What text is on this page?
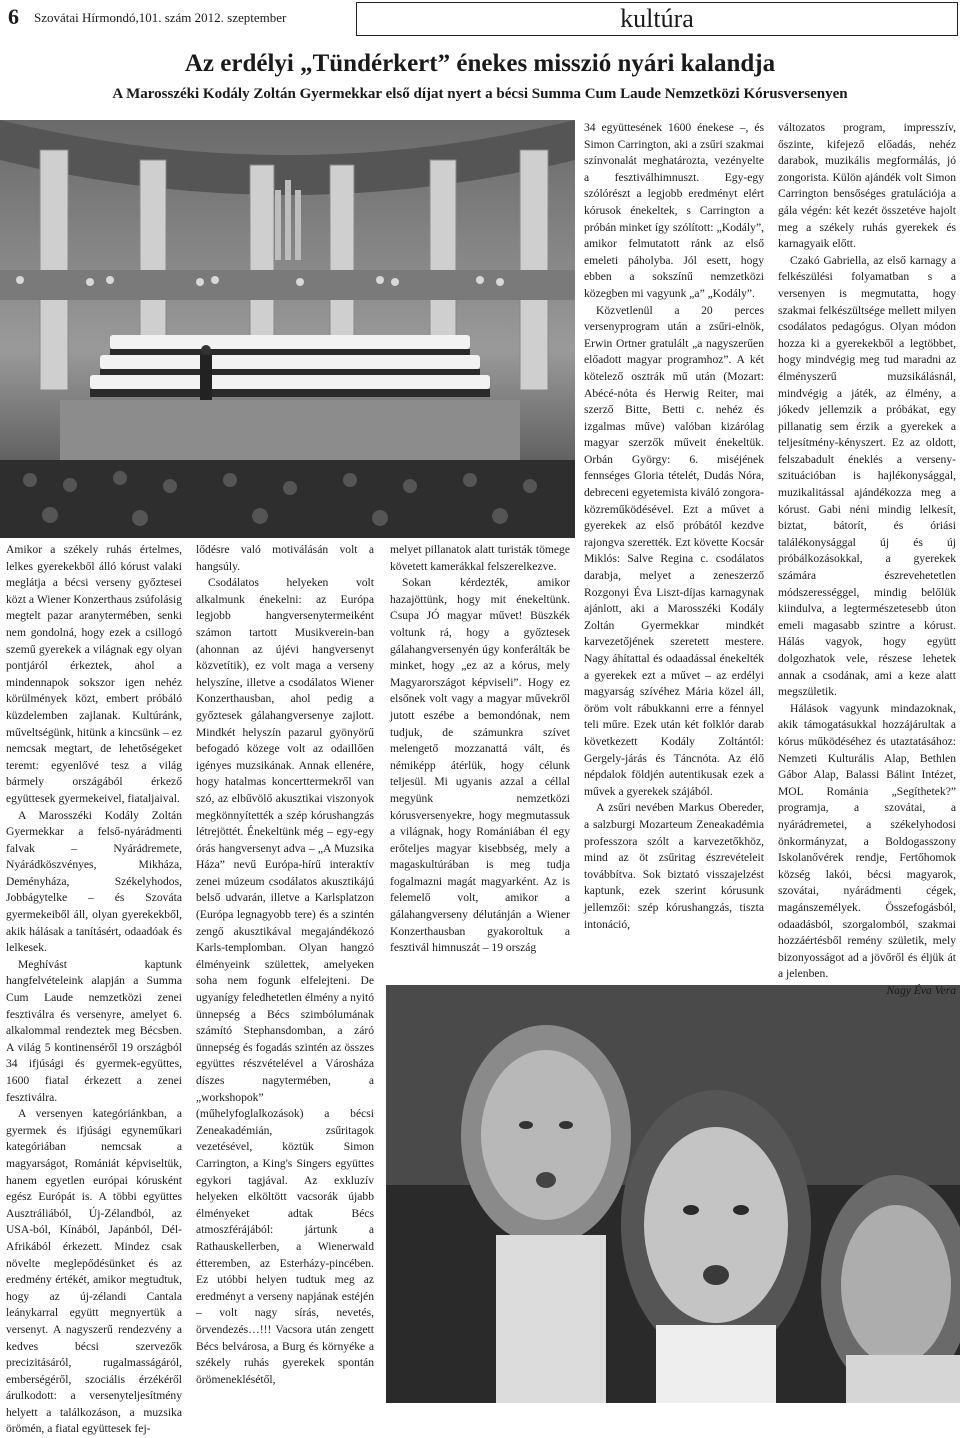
6 Szovátai Hírmondó,101. szám 2012. szeptember	kultúra
Az erdélyi „Tündérkert” énekes misszió nyári kalandja
A Marosszéki Kodály Zoltán Gyermekkar első díjat nyert a bécsi Summa Cum Laude Nemzetközi Kórusversenyen

Amikor a székely ruhás értelmes, lelkes gyerekekből álló kórust valaki meglátja a bécsi verseny győztesei közt a Wiener Konzerthaus zsúfolásig megtelt pazar aranytermében, senki nem gondolná, hogy ezek a csillogó szemű gyerekek a világnak egy olyan pontjáról érkeztek, ahol a mindennapok sokszor igen nehéz körülmények közt, embert próbáló küzdelemben zajlanak. Kultúránk, műveltségünk, hitünk a kincsünk – ez nemcsak megtart, de lehetőségeket teremt: egyenlővé tesz a világ bármely országából érkező együttesek gyermekeivel, fiataljaival.

A Marosszéki Kodály Zoltán Gyermekkar a felső-nyárádmenti falvak – Nyárádremete, Nyárádköszvényes, Mikháza, Deményháza, Székelyhodos, Jobbágytelke – és Szováta gyermekeiből áll, olyan gyerekekből, akik hálásak a tanításért, odaadóak és lelkesek.

Meghívást kaptunk hangfelvételeink alapján a Summa Cum Laude nemzetközi zenei fesztiválra és versenyre, amelyet 6. alkalommal rendeztek meg Bécsben. A világ 5 kontinenséről 19 országból 34 ifjúsági és gyermek-együttes, 1600 fiatal érkezett a zenei fesztiválra.

A versenyen kategóriánkban, a gyermek és ifjúsági egyneműkari kategóriában nemcsak a magyarságot, Romániát képviseltük, hanem egyetlen európai kórusként egész Európát is. A többi együttes Ausztráliából, Új-Zélandból, az USA-ból, Kínából, Japánból, Dél-Afrikából érkezett. Mindez csak növelte meglepődésünket és az eredmény értékét, amikor megtudtuk, hogy az új-zélandi Cantala leánykarral együtt megnyertük a versenyt. A nagyszerű rendezvény a kedves bécsi szervezők precizitásáról, rugalmasságáról, emberségéről, szociális érzékéről árulkodott: a versenyteljesítmény helyett a találkozáson, a muzsika örömén, a fiatal együttesek fej-

lődésre való motiválásán volt a hangsúly.

Csodálatos helyeken volt alkalmunk énekelni: az Európa legjobb hangversenytermeiként számon tartott Musikverein-ban (ahonnan az újévi hangversenyt közvetítik), ez volt maga a verseny helyszíne, illetve a csodálatos Wiener Konzerthausban, ahol pedig a győztesek gálahangversenye zajlott. Mindkét helyszín pazarul gyönyörű befogadó közege volt az odaillően igényes muzsikának. Annak ellenére, hogy hatalmas koncerttermekről van szó, az elbűvölő akusztikai viszonyok megkönnyítették a szép kórushangzás létrejöttét. Énekeltünk még – egy-egy órás hangversenyt adva – „A Muzsika Háza” nevű Európa-hírű interaktív zenei múzeum csodálatos akusztikájú belső udvarán, illetve a Karlsplatzon (Európa legnagyobb tere) és a szintén zengő akusztikával megajándékozó Karls-templomban. Olyan hangzó élményeink születtek, amelyeken soha nem fogunk elfelejteni. De ugyanígy feledhetetlen élmény a nyitó ünnepség a Bécs szimbólumának számító Stephansdomban, a záró ünnepség és fogadás szintén az összes együttes részvételével a Városháza díszes nagytermében, a „workshopok” (műhelyfoglalkozások) a bécsi Zeneakadémián, zsűritagok vezetésével, köztük Simon Carrington, a King's Singers együttes egykori tagjával. Az exkluzív helyeken elköltött vacsorák újabb élményeket adtak Bécs atmoszférájából: jártunk a Rathauskellerben, a Wienerwald étteremben, az Esterházy-pincében. Ez utóbbi helyen tudtuk meg az eredményt a verseny napjának estéjén – volt nagy sírás, nevetés, örvendezés…!!! Vacsora után zengett Bécs belvárosa, a Burg és környéke a székely ruhás gyerekek spontán örömeneklésétől,

melyet pillanatok alatt turisták tömege követett kamerákkal felszerelkezve.

Sokan kérdezték, amikor hazajöttünk, hogy mit énekeltünk. Csupa JÓ magyar művet! Büszkék voltunk rá, hogy a győztesek gálahangversenyén úgy konferálták be minket, hogy „ez az a kórus, mely Magyarországot képviseli”. Hogy ez elsőnek volt vagy a magyar művekről jutott eszébe a bemondónak, nem tudjuk, de számunkra szívet melengető mozzanattá vált, és némiképp átérlük, hogy célunk teljesül. Mi ugyanis azzal a céllal megyünk nemzetközi kórusversenyekre, hogy megmutassuk a világnak, hogy Romániában él egy erőteljes magyar kisebbség, mely a magaskultúrában is meg tudja fogalmazni magát magyarként. Az is felemelő volt, amikor a gálahangverseny délutánján a Wiener Konzerthausban gyakoroltuk a fesztivál himnuszát – 19 ország

34 együttesének 1600 énekese –, és Simon Carrington, aki a zsűri szakmai színvonalát meghatározta, vezényelte a fesztiválhimnuszt. Egy-egy szólórészt a legjobb eredményt elért kórusok énekeltek, s Carrington a próbán minket így szólított: „Kodály”, amikor felmutatott ránk az első emeleti páholyba. Jól esett, hogy ebben a sokszínű nemzetközi közegben mi vagyunk „a” „Kodály”.

Közvetlenül a 20 perces versenyprogram után a zsűri-elnök, Erwin Ortner gratulált „a nagyszerűen előadott magyar programhoz”. A két kötelező osztrák mű után (Mozart: Abécé-nóta és Herwig Reiter, mai szerző Bitte, Betti c. nehéz és izgalmas műve) valóban kizárólag magyar szerzők műveit énekeltük. Orbán György: 6. miséjének fennséges Gloria tételét, Dudás Nóra, debreceni egyetemista kiváló zongora-közreműködésével. Ezt a művet a gyerekek az első próbától kezdve rajongva szerették. Ezt követte Kocsár Miklós: Salve Regina c. csodálatos darabja, melyet a zeneszerző Rozgonyi Éva Liszt-díjas karnagynak ajánlott, aki a Marosszéki Kodály Zoltán Gyermekkar mindkét karvezetőjének szeretett mestere. Nagy áhítattal és odaadással énekelték a gyerekek ezt a művet – az erdélyi magyarság szívéhez Mária közel áll, öröm volt rábukkanni erre a fénnyel teli műre. Ezek után két folklór darab következett Kodály Zoltántól: Gergely-járás és Táncnóta. Az élő népdalok földjén autentikusak ezek a művek a gyerekek szájából.

A zsűri nevében Markus Obereder, a salzburgi Mozarteum Zeneakadémia professzora szólt a karvezetőkhöz, mind az öt zsűritag észrevételeit továbbítva. Sok biztató visszajelzést kaptunk, ezek szerint kórusunk jellemzői: szép kórushangzás, tiszta intonáció,

változatos program, impresszív, őszinte, kifejező előadás, nehéz darabok, muzikális megformálás, jó zongorista. Külön ajándék volt Simon Carrington bensőséges gratulációja a gála végén: két kezét összetéve hajolt meg a székely ruhás gyerekek és karnagyaik előtt.

Czakó Gabriella, az első karnagy a felkészülési folyamatban s a versenyen is megmutatta, hogy szakmai felkészültsége mellett milyen csodálatos pedagógus. Olyan módon hozza ki a gyerekekből a legtöbbet, hogy mindvégig meg tud maradni az élményszerű muzsikálásnál, mindvégig a játék, az élmény, a jókedv jellemzik a próbákat, egy pillanatig sem érzik a gyerekek a teljesítmény-kényszert. Ez az oldott, felszabadult éneklés a verseny-szituációban is hajlékonysággal, muzikalitással ajándékozza meg a kórust. Gabi néni mindig lelkesít, biztat, bátorít, és óriási találékonysággal új és új próbálkozásokkal, a gyerekek számára észrevehetetlen módszerességgel, mindig belőlük kiindulva, a legtermészetesebb úton emeli magasabb szintre a kórust. Hálás vagyok, hogy együtt dolgozhatok vele, részese lehetek annak a csodának, ami a keze alatt megszületik.

Hálások vagyunk mindazoknak, akik támogatásukkal hozzájárultak a kórus működéséhez és utaztatásához: Nemzeti Kulturális Alap, Bethlen Gábor Alap, Balassi Bálint Intézet, MOL Románia „Segíthetek?” programja, a szovátai, a nyárádremetei, a székelyhodosi önkormányzat, a Boldogasszony Iskolanővérek rendje, Fertőhomok község lakói, bécsi magyarok, szovátai, nyárádmenti cégek, magánszemélyek. Összefogásból, odaadásból, szorgalomból, szakmai hozzáértésből remény születik, mely bizonyosságot ad a jövőről és éljük át a jelenben.

Nagy Éva Vera
